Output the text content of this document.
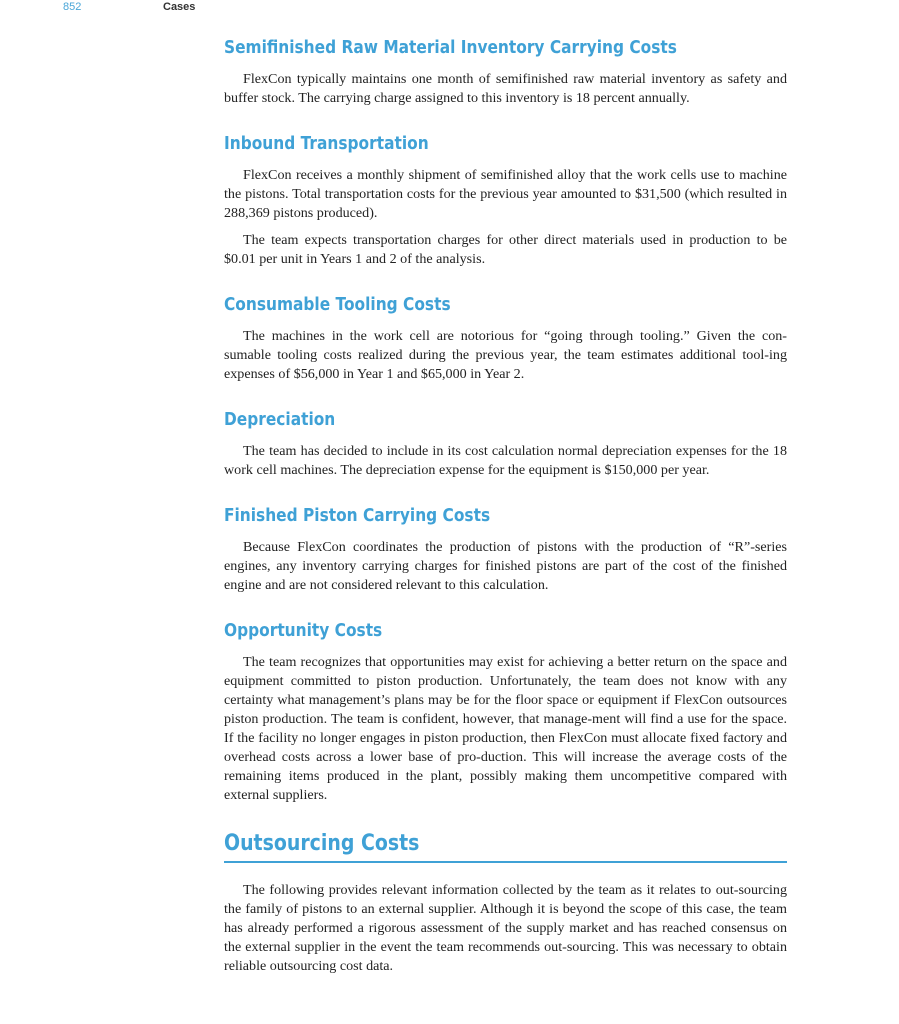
852	Cases
Semifinished Raw Material Inventory Carrying Costs

FlexCon typically maintains one month of semifinished raw material inventory as safety and buffer stock. The carrying charge assigned to this inventory is 18 percent annually.

Inbound Transportation

FlexCon receives a monthly shipment of semifinished alloy that the work cells use to machine the pistons. Total transportation costs for the previous year amounted to $31,500 (which resulted in 288,369 pistons produced).

The team expects transportation charges for other direct materials used in production to be $0.01 per unit in Years 1 and 2 of the analysis.

Consumable Tooling Costs

The machines in the work cell are notorious for “going through tooling.” Given the con-sumable tooling costs realized during the previous year, the team estimates additional tool-ing expenses of $56,000 in Year 1 and $65,000 in Year 2.

Depreciation

The team has decided to include in its cost calculation normal depreciation expenses for the 18 work cell machines. The depreciation expense for the equipment is $150,000 per year.

Finished Piston Carrying Costs

Because FlexCon coordinates the production of pistons with the production of “R”-series engines, any inventory carrying charges for finished pistons are part of the cost of the finished engine and are not considered relevant to this calculation.

Opportunity Costs

The team recognizes that opportunities may exist for achieving a better return on the space and equipment committed to piston production. Unfortunately, the team does not know with any certainty what management’s plans may be for the floor space or equipment if FlexCon outsources piston production. The team is confident, however, that manage-ment will find a use for the space. If the facility no longer engages in piston production, then FlexCon must allocate fixed factory and overhead costs across a lower base of pro-duction. This will increase the average costs of the remaining items produced in the plant, possibly making them uncompetitive compared with external suppliers.

Outsourcing Costs

The following provides relevant information collected by the team as it relates to out-sourcing the family of pistons to an external supplier. Although it is beyond the scope of this case, the team has already performed a rigorous assessment of the supply market and has reached consensus on the external supplier in the event the team recommends out-sourcing. This was necessary to obtain reliable outsourcing cost data.
